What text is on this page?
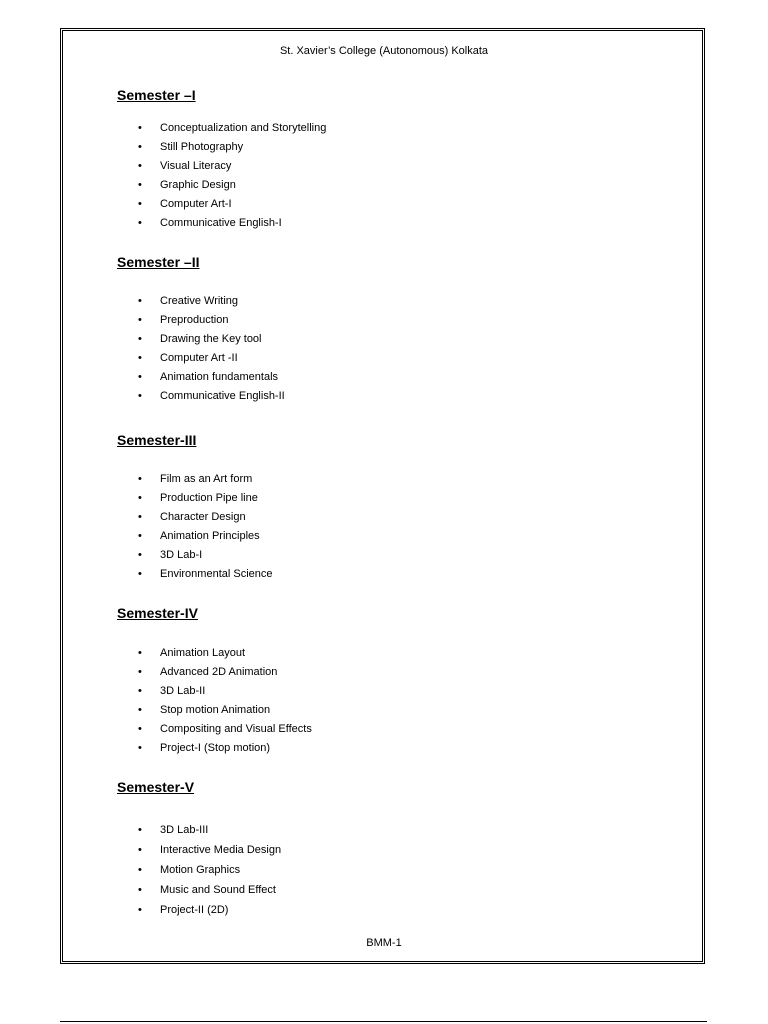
St. Xavier’s College (Autonomous) Kolkata
Semester –I
• Conceptualization and Storytelling
• Still Photography
• Visual Literacy
• Graphic Design
• Computer Art-I
• Communicative English-I
Semester –II
• Creative Writing
• Preproduction
• Drawing the Key tool
• Computer Art -II
• Animation fundamentals
• Communicative English-II
Semester-III
• Film as an Art form
• Production Pipe line
• Character Design
• Animation Principles
• 3D Lab-I
• Environmental Science
Semester-IV
• Animation Layout
• Advanced 2D Animation
• 3D Lab-II
• Stop motion Animation
• Compositing and Visual Effects
• Project-I (Stop motion)
Semester-V
• 3D Lab-III
• Interactive Media Design
• Motion Graphics
• Music and Sound Effect
• Project-II (2D)
BMM-1
